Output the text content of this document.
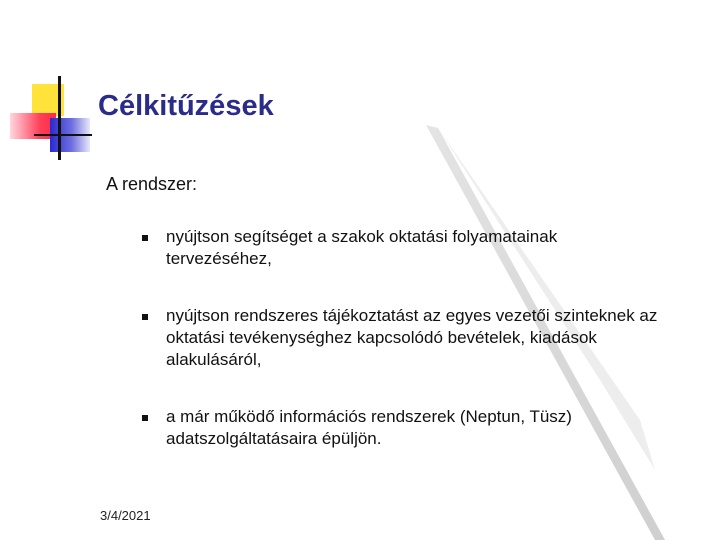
Célkitűzések

A rendszer:

nyújtson segítséget a szakok oktatási folyamatainak tervezéséhez,
nyújtson rendszeres tájékoztatást az egyes vezetői szinteknek az oktatási tevékenységhez kapcsolódó bevételek, kiadások alakulásáról,
a már működő információs rendszerek (Neptun, Tüsz) adatszolgáltatásaira épüljön.
3/4/2021
